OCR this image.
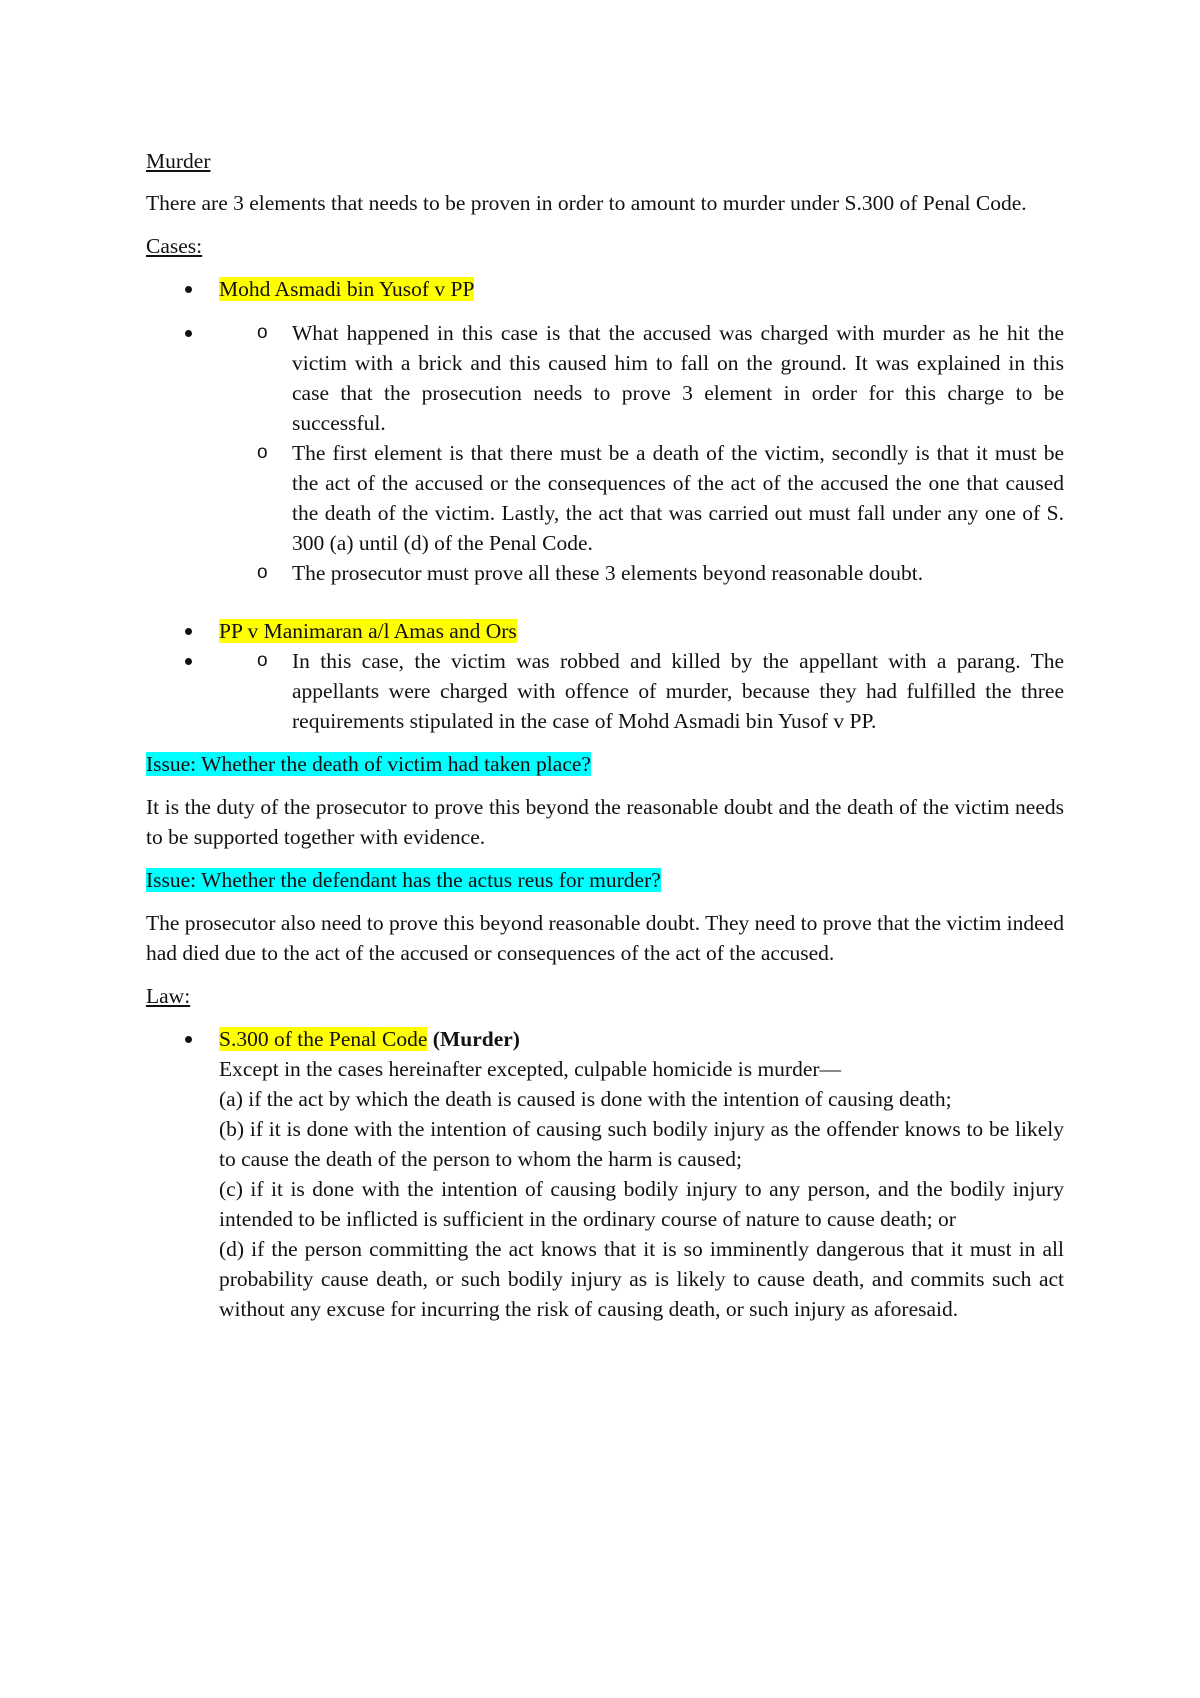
Murder

There are 3 elements that needs to be proven in order to amount to murder under S.300 of Penal Code.

Cases:

Mohd Asmadi bin Yusof v PP
o What happened in this case is that the accused was charged with murder as he hit the victim with a brick and this caused him to fall on the ground. It was explained in this case that the prosecution needs to prove 3 element in order for this charge to be successful.
o The first element is that there must be a death of the victim, secondly is that it must be the act of the accused or the consequences of the act of the accused the one that caused the death of the victim. Lastly, the act that was carried out must fall under any one of S. 300 (a) until (d) of the Penal Code.
o The prosecutor must prove all these 3 elements beyond reasonable doubt.
PP v Manimaran a/l Amas and Ors
o In this case, the victim was robbed and killed by the appellant with a parang. The appellants were charged with offence of murder, because they had fulfilled the three requirements stipulated in the case of Mohd Asmadi bin Yusof v PP.

Issue: Whether the death of victim had taken place?

It is the duty of the prosecutor to prove this beyond the reasonable doubt and the death of the victim needs to be supported together with evidence.

Issue: Whether the defendant has the actus reus for murder?

The prosecutor also need to prove this beyond reasonable doubt. They need to prove that the victim indeed had died due to the act of the accused or consequences of the act of the accused.

Law:

S.300 of the Penal Code (Murder)
Except in the cases hereinafter excepted, culpable homicide is murder—
(a) if the act by which the death is caused is done with the intention of causing death;
(b) if it is done with the intention of causing such bodily injury as the offender knows to be likely to cause the death of the person to whom the harm is caused;
(c) if it is done with the intention of causing bodily injury to any person, and the bodily injury intended to be inflicted is sufficient in the ordinary course of nature to cause death; or
(d) if the person committing the act knows that it is so imminently dangerous that it must in all probability cause death, or such bodily injury as is likely to cause death, and commits such act without any excuse for incurring the risk of causing death, or such injury as aforesaid.
